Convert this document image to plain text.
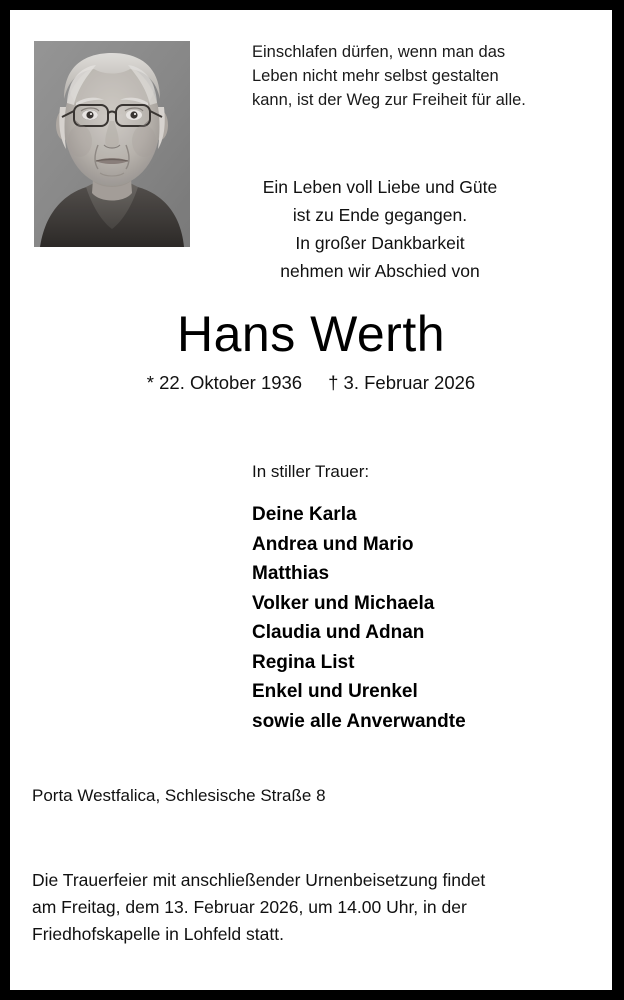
Einschlafen dürfen, wenn man das
Leben nicht mehr selbst gestalten
kann, ist der Weg zur Freiheit für alle.
Ein Leben voll Liebe und Güte
ist zu Ende gegangen.
In großer Dankbarkeit
nehmen wir Abschied von
Hans Werth
* 22. Oktober 1936 † 3. Februar 2026
In stiller Trauer:
Deine Karla
Andrea und Mario
Matthias
Volker und Michaela
Claudia und Adnan
Regina List
Enkel und Urenkel
sowie alle Anverwandte
Porta Westfalica, Schlesische Straße 8
Die Trauerfeier mit anschließender Urnenbeisetzung findet
am Freitag, dem 13. Februar 2026, um 14.00 Uhr, in der
Friedhofskapelle in Lohfeld statt.
